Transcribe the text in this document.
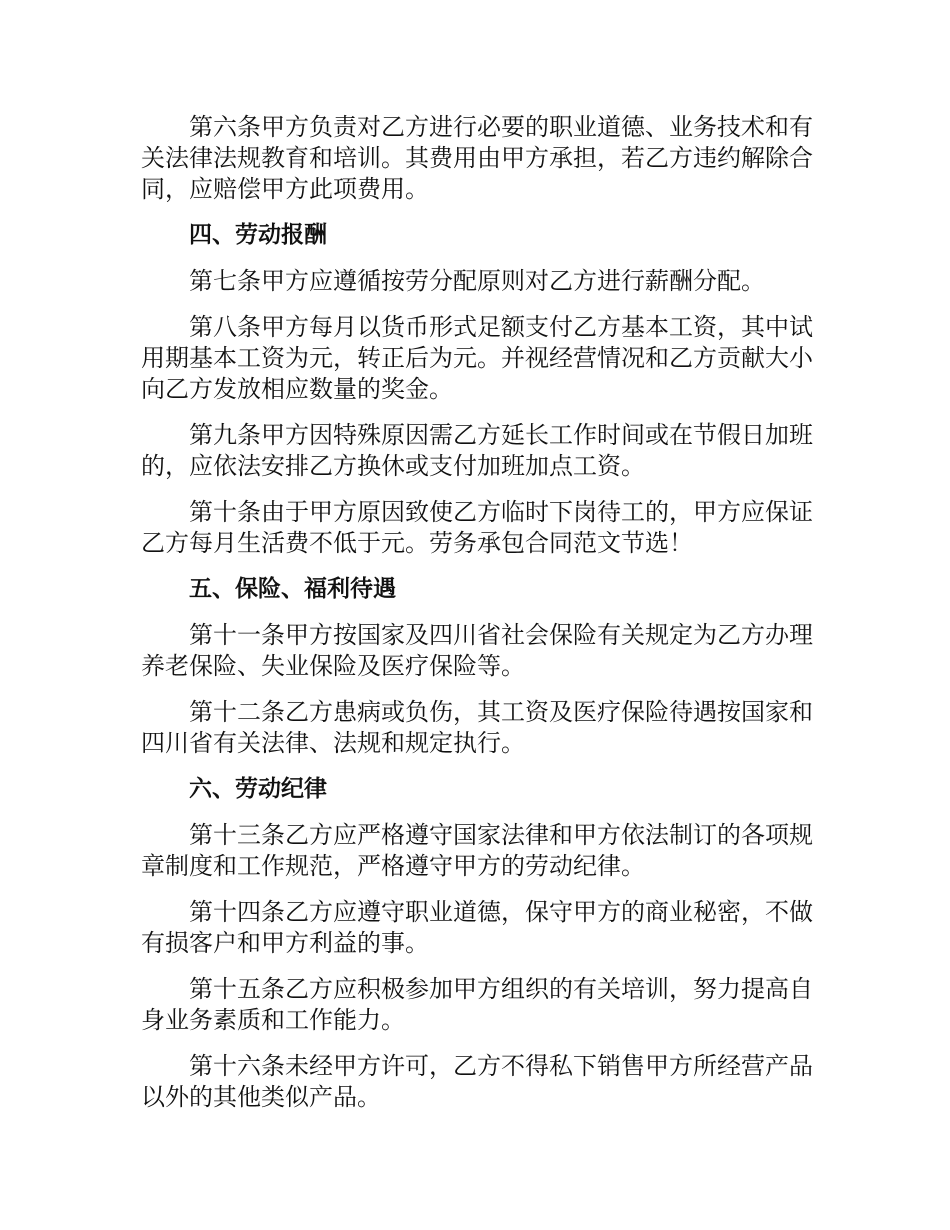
第六条甲方负责对乙方进行必要的职业道德、业务技术和有关法律法规教育和培训。其费用由甲方承担，若乙方违约解除合同，应赔偿甲方此项费用。

四、劳动报酬

第七条甲方应遵循按劳分配原则对乙方进行薪酬分配。

第八条甲方每月以货币形式足额支付乙方基本工资，其中试用期基本工资为元，转正后为元。并视经营情况和乙方贡献大小向乙方发放相应数量的奖金。

第九条甲方因特殊原因需乙方延长工作时间或在节假日加班的，应依法安排乙方换休或支付加班加点工资。

第十条由于甲方原因致使乙方临时下岗待工的，甲方应保证乙方每月生活费不低于元。劳务承包合同范文节选！

五、保险、福利待遇

第十一条甲方按国家及四川省社会保险有关规定为乙方办理养老保险、失业保险及医疗保险等。

第十二条乙方患病或负伤，其工资及医疗保险待遇按国家和四川省有关法律、法规和规定执行。

六、劳动纪律

第十三条乙方应严格遵守国家法律和甲方依法制订的各项规章制度和工作规范，严格遵守甲方的劳动纪律。

第十四条乙方应遵守职业道德，保守甲方的商业秘密，不做有损客户和甲方利益的事。

第十五条乙方应积极参加甲方组织的有关培训，努力提高自身业务素质和工作能力。

第十六条未经甲方许可，乙方不得私下销售甲方所经营产品以外的其他类似产品。
